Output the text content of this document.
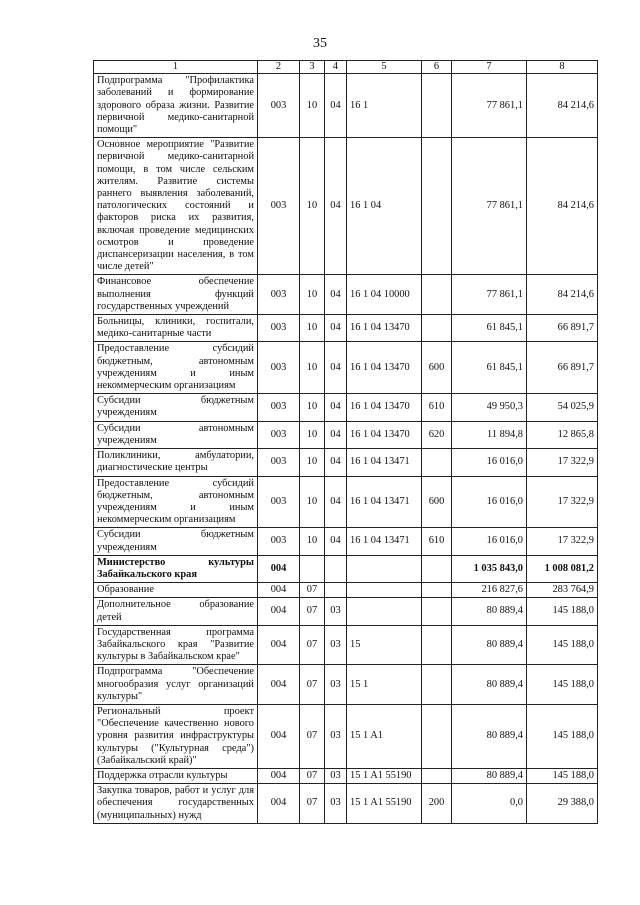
35
1	2	3	4	5	6	7	8
Подпрограмма "Профилактика заболеваний и формирование здорового образа жизни. Развитие первичной медико-санитарной помощи"	003	10	04	16 1		77 861,1	84 214,6
Основное мероприятие "Развитие первичной медико-санитарной помощи, в том числе сельским жителям. Развитие системы раннего выявления заболеваний, патологических состояний и факторов риска их развития, включая проведение медицинских осмотров и проведение диспансеризации населения, в том числе детей"	003	10	04	16 1 04		77 861,1	84 214,6
Финансовое обеспечение выполнения функций государственных учреждений	003	10	04	16 1 04 10000		77 861,1	84 214,6
Больницы, клиники, госпитали, медико-санитарные части	003	10	04	16 1 04 13470		61 845,1	66 891,7
Предоставление субсидий бюджетным, автономным учреждениям и иным некоммерческим организациям	003	10	04	16 1 04 13470	600	61 845,1	66 891,7
Субсидии бюджетным учреждениям	003	10	04	16 1 04 13470	610	49 950,3	54 025,9
Субсидии автономным учреждениям	003	10	04	16 1 04 13470	620	11 894,8	12 865,8
Поликлиники, амбулатории, диагностические центры	003	10	04	16 1 04 13471		16 016,0	17 322,9
Предоставление субсидий бюджетным, автономным учреждениям и иным некоммерческим организациям	003	10	04	16 1 04 13471	600	16 016,0	17 322,9
Субсидии бюджетным учреждениям	003	10	04	16 1 04 13471	610	16 016,0	17 322,9
Министерство культуры Забайкальского края	004					1 035 843,0	1 008 081,2
Образование	004	07				216 827,6	283 764,9
Дополнительное образование детей	004	07	03			80 889,4	145 188,0
Государственная программа Забайкальского края "Развитие культуры в Забайкальском крае"	004	07	03	15		80 889,4	145 188,0
Подпрограмма "Обеспечение многообразия услуг организаций культуры"	004	07	03	15 1		80 889,4	145 188,0
Региональный проект "Обеспечение качественно нового уровня развития инфраструктуры культуры ("Культурная среда") (Забайкальский край)"	004	07	03	15 1 A1		80 889,4	145 188,0
Поддержка отрасли культуры	004	07	03	15 1 A1 55190		80 889,4	145 188,0
Закупка товаров, работ и услуг для обеспечения государственных (муниципальных) нужд	004	07	03	15 1 A1 55190	200	0,0	29 388,0
